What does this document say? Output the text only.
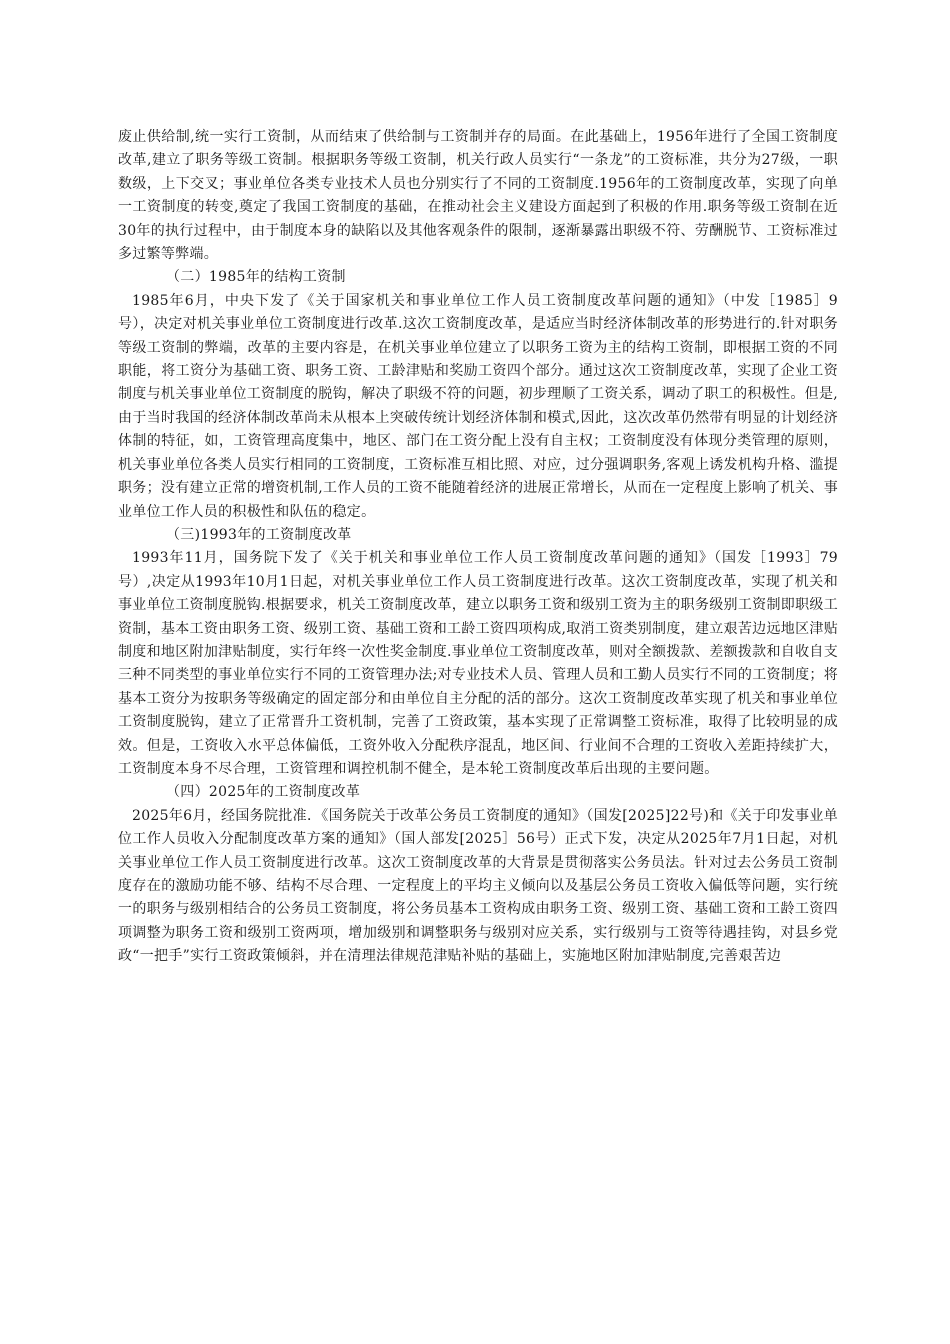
废止供给制,统一实行工资制，从而结束了供给制与工资制并存的局面。在此基础上，1956年进行了全国工资制度改革,建立了职务等级工资制。根据职务等级工资制，机关行政人员实行“一条龙”的工资标准，共分为27级，一职数级，上下交叉；事业单位各类专业技术人员也分别实行了不同的工资制度.1956年的工资制度改革，实现了向单一工资制度的转变,奠定了我国工资制度的基础，在推动社会主义建设方面起到了积极的作用.职务等级工资制在近30年的执行过程中，由于制度本身的缺陷以及其他客观条件的限制，逐渐暴露出职级不符、劳酬脱节、工资标准过多过繁等弊端。

（二）1985年的结构工资制

1985年6月，中央下发了《关于国家机关和事业单位工作人员工资制度改革问题的通知》（中发［1985］9号），决定对机关事业单位工资制度进行改革.这次工资制度改革，是适应当时经济体制改革的形势进行的.针对职务等级工资制的弊端，改革的主要内容是，在机关事业单位建立了以职务工资为主的结构工资制，即根据工资的不同职能，将工资分为基础工资、职务工资、工龄津贴和奖励工资四个部分。通过这次工资制度改革，实现了企业工资制度与机关事业单位工资制度的脱钩，解决了职级不符的问题，初步理顺了工资关系，调动了职工的积极性。但是,由于当时我国的经济体制改革尚未从根本上突破传统计划经济体制和模式,因此，这次改革仍然带有明显的计划经济体制的特征，如，工资管理高度集中，地区、部门在工资分配上没有自主权；工资制度没有体现分类管理的原则，机关事业单位各类人员实行相同的工资制度，工资标准互相比照、对应，过分强调职务,客观上诱发机构升格、滥提职务；没有建立正常的增资机制,工作人员的工资不能随着经济的进展正常增长，从而在一定程度上影响了机关、事业单位工作人员的积极性和队伍的稳定。

（三)1993年的工资制度改革

1993年11月，国务院下发了《关于机关和事业单位工作人员工资制度改革问题的通知》（国发［1993］79号）,决定从1993年10月1日起，对机关事业单位工作人员工资制度进行改革。这次工资制度改革，实现了机关和事业单位工资制度脱钩.根据要求，机关工资制度改革，建立以职务工资和级别工资为主的职务级别工资制即职级工资制，基本工资由职务工资、级别工资、基础工资和工龄工资四项构成,取消工资类别制度，建立艰苦边远地区津贴制度和地区附加津贴制度，实行年终一次性奖金制度.事业单位工资制度改革，则对全额拨款、差额拨款和自收自支三种不同类型的事业单位实行不同的工资管理办法;对专业技术人员、管理人员和工勤人员实行不同的工资制度；将基本工资分为按职务等级确定的固定部分和由单位自主分配的活的部分。这次工资制度改革实现了机关和事业单位工资制度脱钩，建立了正常晋升工资机制，完善了工资政策，基本实现了正常调整工资标准，取得了比较明显的成效。但是，工资收入水平总体偏低，工资外收入分配秩序混乱，地区间、行业间不合理的工资收入差距持续扩大，工资制度本身不尽合理，工资管理和调控机制不健全，是本轮工资制度改革后出现的主要问题。

（四）2025年的工资制度改革

2025年6月，经国务院批准．《国务院关于改革公务员工资制度的通知》（国发[2025]22号)和《关于印发事业单位工作人员收入分配制度改革方案的通知》（国人部发[2025］56号）正式下发，决定从2025年7月1日起，对机关事业单位工作人员工资制度进行改革。这次工资制度改革的大背景是贯彻落实公务员法。针对过去公务员工资制度存在的激励功能不够、结构不尽合理、一定程度上的平均主义倾向以及基层公务员工资收入偏低等问题，实行统一的职务与级别相结合的公务员工资制度，将公务员基本工资构成由职务工资、级别工资、基础工资和工龄工资四项调整为职务工资和级别工资两项，增加级别和调整职务与级别对应关系，实行级别与工资等待遇挂钩，对县乡党政“一把手”实行工资政策倾斜，并在清理法律规范津贴补贴的基础上，实施地区附加津贴制度,完善艰苦边
